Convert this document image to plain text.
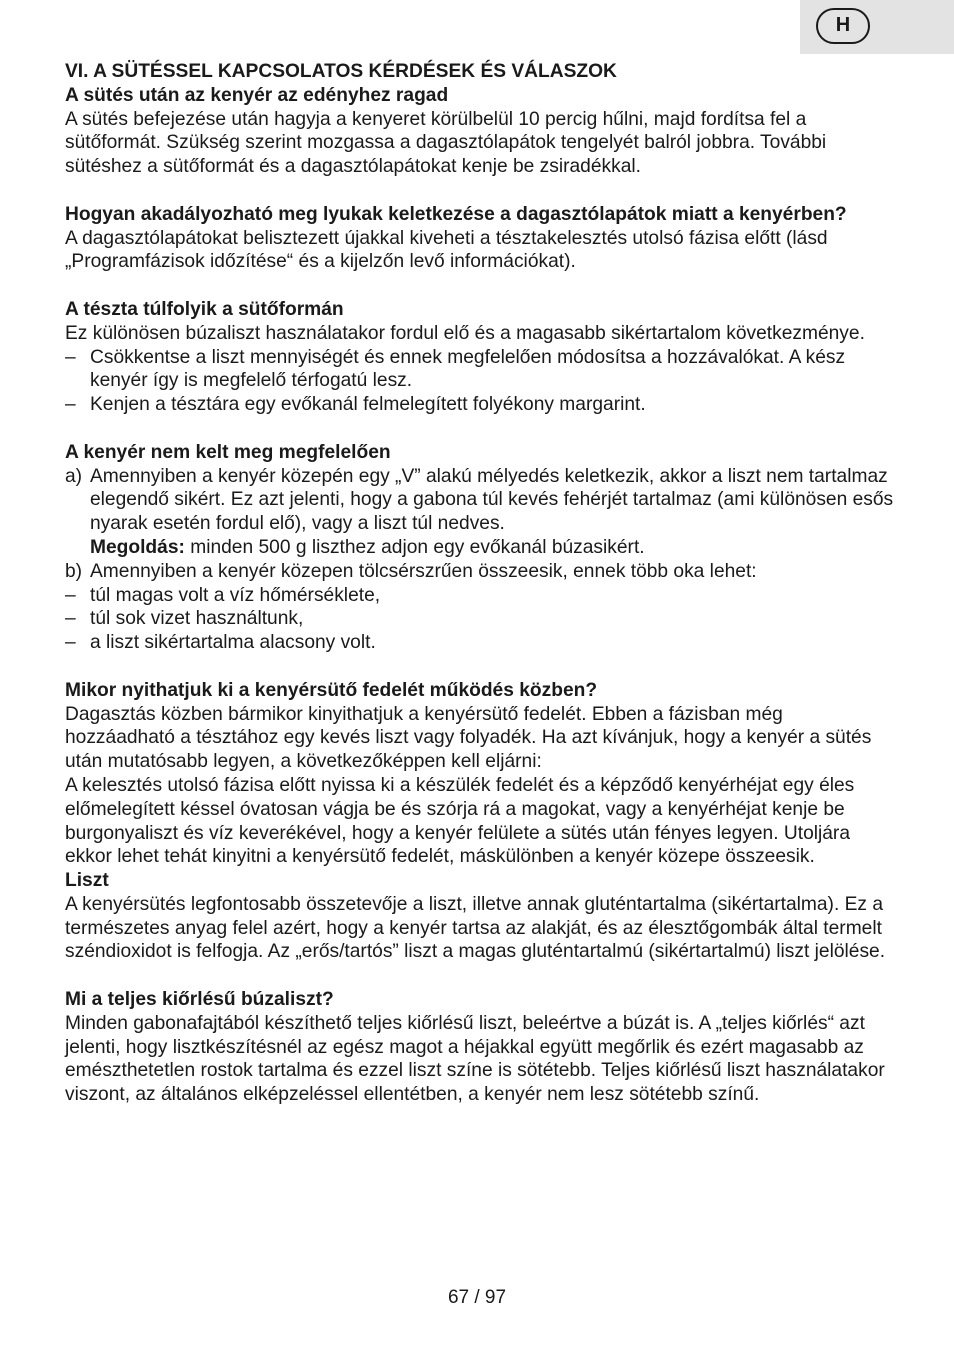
H

VI. A SÜTÉSSEL KAPCSOLATOS KÉRDÉSEK ÉS VÁLASZOK

A sütés után az kenyér az edényhez ragad

A sütés befejezése után hagyja a kenyeret körülbelül 10 percig hűlni, majd fordítsa fel a sütőformát. Szükség szerint mozgassa a dagasztólapátok tengelyét balról jobbra. További sütéshez a sütőformát és a dagasztólapátokat kenje be zsiradékkal.

Hogyan akadályozható meg lyukak keletkezése a dagasztólapátok miatt a kenyérben?

A dagasztólapátokat belisztezett újakkal kiveheti a tésztakelesztés utolsó fázisa előtt (lásd „Programfázisok időzítése“ és a kijelzőn levő információkat).

A tészta túlfolyik a sütőformán

Ez különösen búzaliszt használatakor fordul elő és a magasabb sikértartalom következménye.

– Csökkentse a liszt mennyiségét és ennek megfelelően módosítsa a hozzávalókat. A kész kenyér így is megfelelő térfogatú lesz.
– Kenjen a tésztára egy evőkanál felmelegített folyékony margarint.

A kenyér nem kelt meg megfelelően

a) Amennyiben a kenyér közepén egy „V” alakú mélyedés keletkezik, akkor a liszt nem tartalmaz elegendő sikért. Ez azt jelenti, hogy a gabona túl kevés fehérjét tartalmaz (ami különösen esős nyarak esetén fordul elő), vagy a liszt túl nedves.
Megoldás: minden 500 g liszthez adjon egy evőkanál búzasikért.
b) Amennyiben a kenyér közepen tölcsérszrűen összeesik, ennek több oka lehet:
– túl magas volt a víz hőmérséklete,
– túl sok vizet használtunk,
– a liszt sikértartalma alacsony volt.

Mikor nyithatjuk ki a kenyérsütő fedelét működés közben?

Dagasztás közben bármikor kinyithatjuk a kenyérsütő fedelét. Ebben a fázisban még hozzáadható a tésztához egy kevés liszt vagy folyadék. Ha azt kívánjuk, hogy a kenyér a sütés után mutatósabb legyen, a következőképpen kell eljárni:

A kelesztés utolsó fázisa előtt nyissa ki a készülék fedelét és a képződő kenyérhéjat egy éles előmelegített késsel óvatosan vágja be és szórja rá a magokat, vagy a kenyérhéjat kenje be burgonyaliszt és víz keverékével, hogy a kenyér felülete a sütés után fényes legyen. Utoljára ekkor lehet tehát kinyitni a kenyérsütő fedelét, máskülönben a kenyér közepe összeesik.

Liszt

A kenyérsütés legfontosabb összetevője a liszt, illetve annak gluténtartalma (sikértartalma). Ez a természetes anyag felel azért, hogy a kenyér tartsa az alakját, és az élesztőgombák által termelt széndioxidot is felfogja. Az „erős/tartós” liszt a magas gluténtartalmú (sikértartalmú) liszt jelölése.

Mi a teljes kiőrlésű búzaliszt?

Minden gabonafajtából készíthető teljes kiőrlésű liszt, beleértve a búzát is. A „teljes kiőrlés“ azt jelenti, hogy lisztkészítésnél az egész magot a héjakkal együtt megőrlik és ezért magasabb az emészthetetlen rostok tartalma és ezzel liszt színe is sötétebb. Teljes kiőrlésű liszt használatakor viszont, az általános elképzeléssel ellentétben, a kenyér nem lesz sötétebb színű.

67 / 97
